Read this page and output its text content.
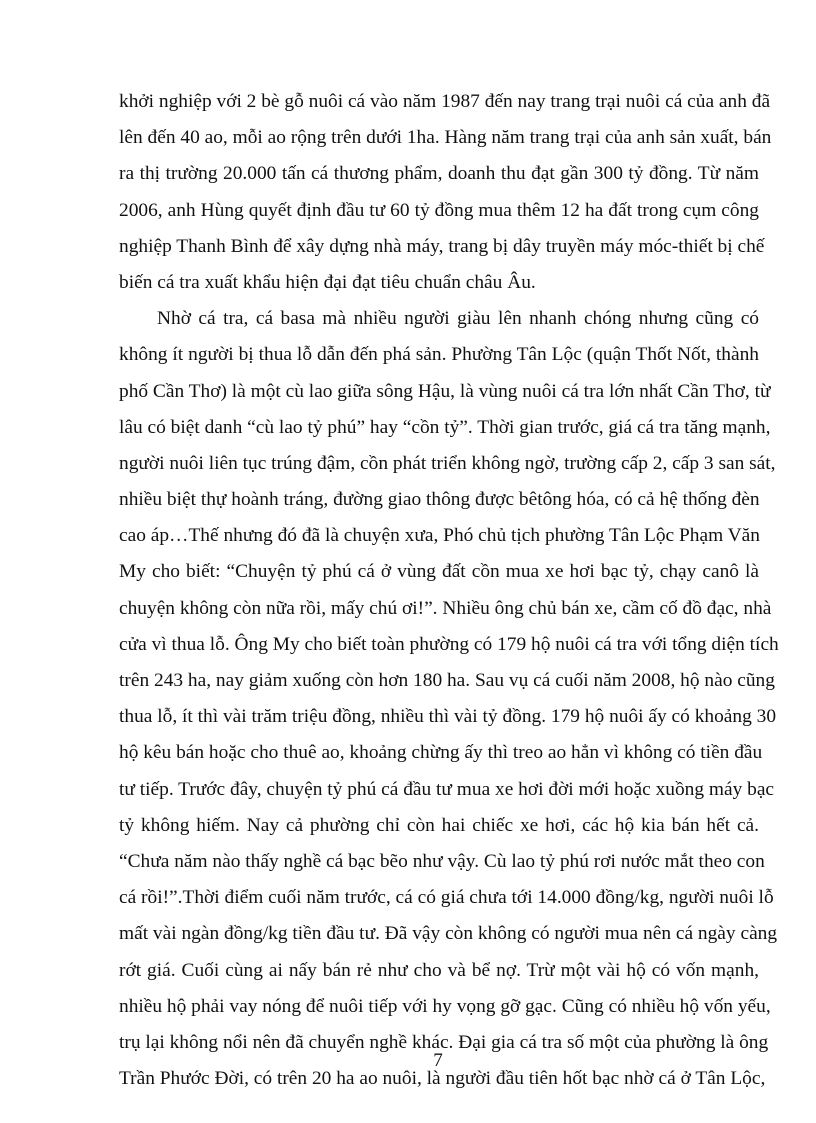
khởi nghiệp với 2 bè gỗ nuôi cá vào năm 1987 đến nay trang trại nuôi cá của anh đã
lên đến 40 ao, mỗi ao rộng trên dưới 1ha. Hàng năm trang trại của anh sản xuất, bán
ra thị trường 20.000 tấn cá thương phẩm, doanh thu đạt gần 300 tỷ đồng. Từ năm
2006, anh Hùng quyết định đầu tư 60 tỷ đồng mua thêm 12 ha đất trong cụm công
nghiệp Thanh Bình để xây dựng nhà máy, trang bị dây truyền máy móc-thiết bị chế
biến cá tra xuất khẩu hiện đại đạt tiêu chuẩn châu Âu.
Nhờ cá tra, cá basa mà nhiều người giàu lên nhanh chóng nhưng cũng có
không ít người bị thua lỗ dẫn đến phá sản. Phường Tân Lộc (quận Thốt Nốt, thành
phố Cần Thơ) là một cù lao giữa sông Hậu, là vùng nuôi cá tra lớn nhất Cần Thơ, từ
lâu có biệt danh “cù lao tỷ phú” hay “cồn tỷ”. Thời gian trước, giá cá tra tăng mạnh,
người nuôi liên tục trúng đậm, cồn phát triển không ngờ, trường cấp 2, cấp 3 san sát,
nhiều biệt thự hoành tráng, đường giao thông được bêtông hóa, có cả hệ thống đèn
cao áp…Thế nhưng đó đã là chuyện xưa, Phó chủ tịch phường Tân Lộc Phạm Văn
My cho biết: “Chuyện tỷ phú cá ở vùng đất cồn mua xe hơi bạc tỷ, chạy canô là
chuyện không còn nữa rồi, mấy chú ơi!”. Nhiều ông chủ bán xe, cầm cố đồ đạc, nhà
cửa vì thua lỗ. Ông My cho biết toàn phường có 179 hộ nuôi cá tra với tổng diện tích
trên 243 ha, nay giảm xuống còn hơn 180 ha. Sau vụ cá cuối năm 2008, hộ nào cũng
thua lỗ, ít thì vài trăm triệu đồng, nhiều thì vài tỷ đồng. 179 hộ nuôi ấy có khoảng 30
hộ kêu bán hoặc cho thuê ao, khoảng chừng ấy thì treo ao hẳn vì không có tiền đầu
tư tiếp. Trước đây, chuyện tỷ phú cá đầu tư mua xe hơi đời mới hoặc xuồng máy bạc
tỷ không hiếm. Nay cả phường chỉ còn hai chiếc xe hơi, các hộ kia bán hết cả.
“Chưa năm nào thấy nghề cá bạc bẽo như vậy. Cù lao tỷ phú rơi nước mắt theo con
cá rồi!”.Thời điểm cuối năm trước, cá có giá chưa tới 14.000 đồng/kg, người nuôi lỗ
mất vài ngàn đồng/kg tiền đầu tư. Đã vậy còn không có người mua nên cá ngày càng
rớt giá. Cuối cùng ai nấy bán rẻ như cho và bể nợ. Trừ một vài hộ có vốn mạnh,
nhiều hộ phải vay nóng để nuôi tiếp với hy vọng gỡ gạc. Cũng có nhiều hộ vốn yếu,
trụ lại không nổi nên đã chuyển nghề khác. Đại gia cá tra số một của phường là ông
Trần Phước Đời, có trên 20 ha ao nuôi, là người đầu tiên hốt bạc nhờ cá ở Tân Lộc,
7
